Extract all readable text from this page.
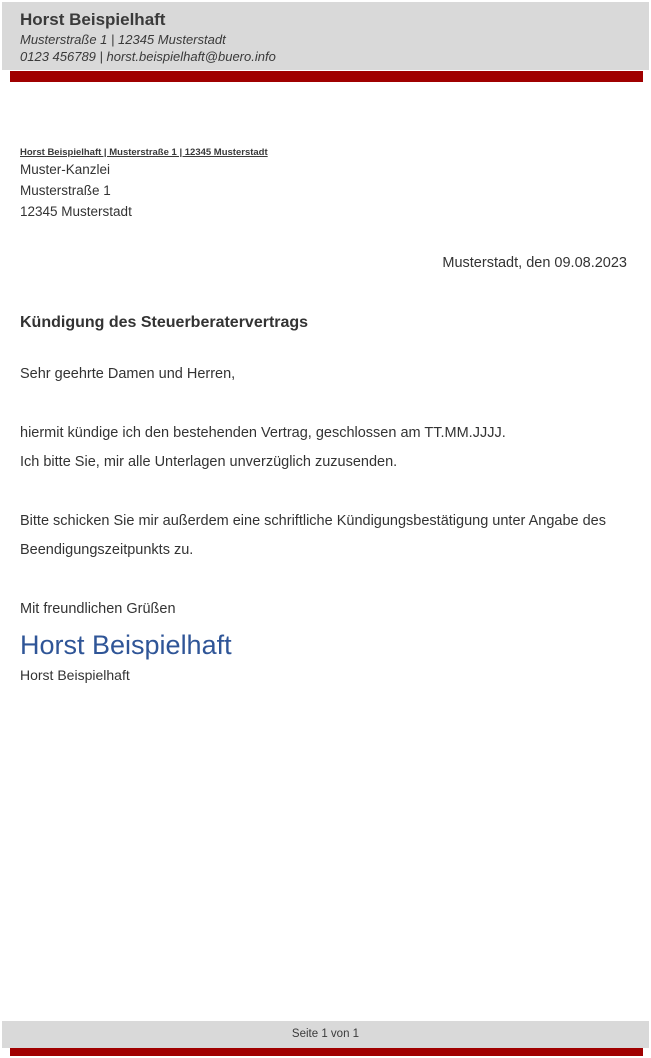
Horst Beispielhaft
Musterstraße 1 | 12345 Musterstadt
0123 456789 | horst.beispielhaft@buero.info
Horst Beispielhaft | Musterstraße 1 | 12345 Musterstadt
Muster-Kanzlei
Musterstraße 1
12345 Musterstadt
Musterstadt, den 09.08.2023
Kündigung des Steuerberatervertrags
Sehr geehrte Damen und Herren,
hiermit kündige ich den bestehenden Vertrag, geschlossen am TT.MM.JJJJ.
Ich bitte Sie, mir alle Unterlagen unverzüglich zuzusenden.
Bitte schicken Sie mir außerdem eine schriftliche Kündigungsbestätigung unter Angabe des
Beendigungszeitpunkts zu.
Mit freundlichen Grüßen
Horst Beispielhaft
Horst Beispielhaft
Seite 1 von 1
